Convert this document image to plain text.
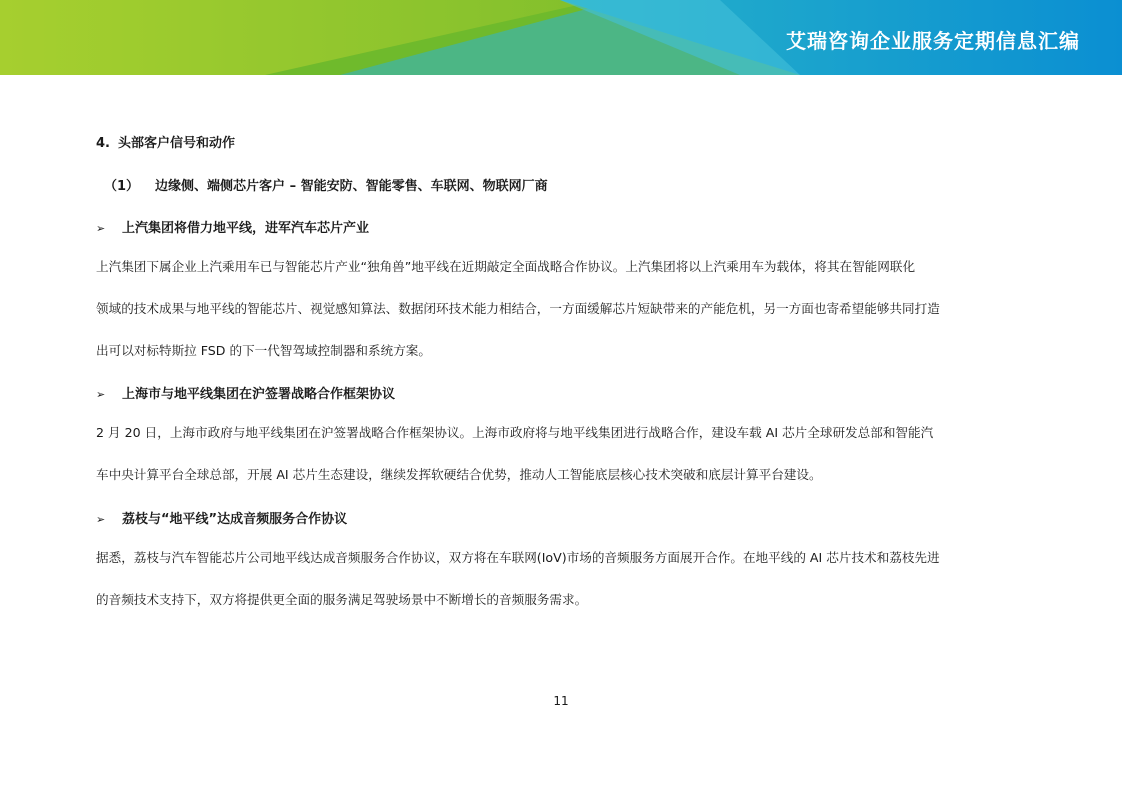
艾瑞咨询企业服务定期信息汇编
4. 头部客户信号和动作
（1） 边缘侧、端侧芯片客户 – 智能安防、智能零售、车联网、物联网厂商
➢ 上汽集团将借力地平线，进军汽车芯片产业
上汽集团下属企业上汽乘用车已与智能芯片产业“独角兽”地平线在近期敲定全面战略合作协议。上汽集团将以上汽乘用车为载体，将其在智能网联化
领域的技术成果与地平线的智能芯片、视觉感知算法、数据闭环技术能力相结合，一方面缓解芯片短缺带来的产能危机，另一方面也寄希望能够共同打造
出可以对标特斯拉 FSD 的下一代智驾域控制器和系统方案。
➢ 上海市与地平线集团在沪签署战略合作框架协议
2 月 20 日，上海市政府与地平线集团在沪签署战略合作框架协议。上海市政府将与地平线集团进行战略合作，建设车载 AI 芯片全球研发总部和智能汽
车中央计算平台全球总部，开展 AI 芯片生态建设，继续发挥软硬结合优势，推动人工智能底层核心技术突破和底层计算平台建设。
➢ 荔枝与“地平线”达成音频服务合作协议
据悉，荔枝与汽车智能芯片公司地平线达成音频服务合作协议，双方将在车联网(IoV)市场的音频服务方面展开合作。在地平线的 AI 芯片技术和荔枝先进
的音频技术支持下，双方将提供更全面的服务满足驾驶场景中不断增长的音频服务需求。
11
